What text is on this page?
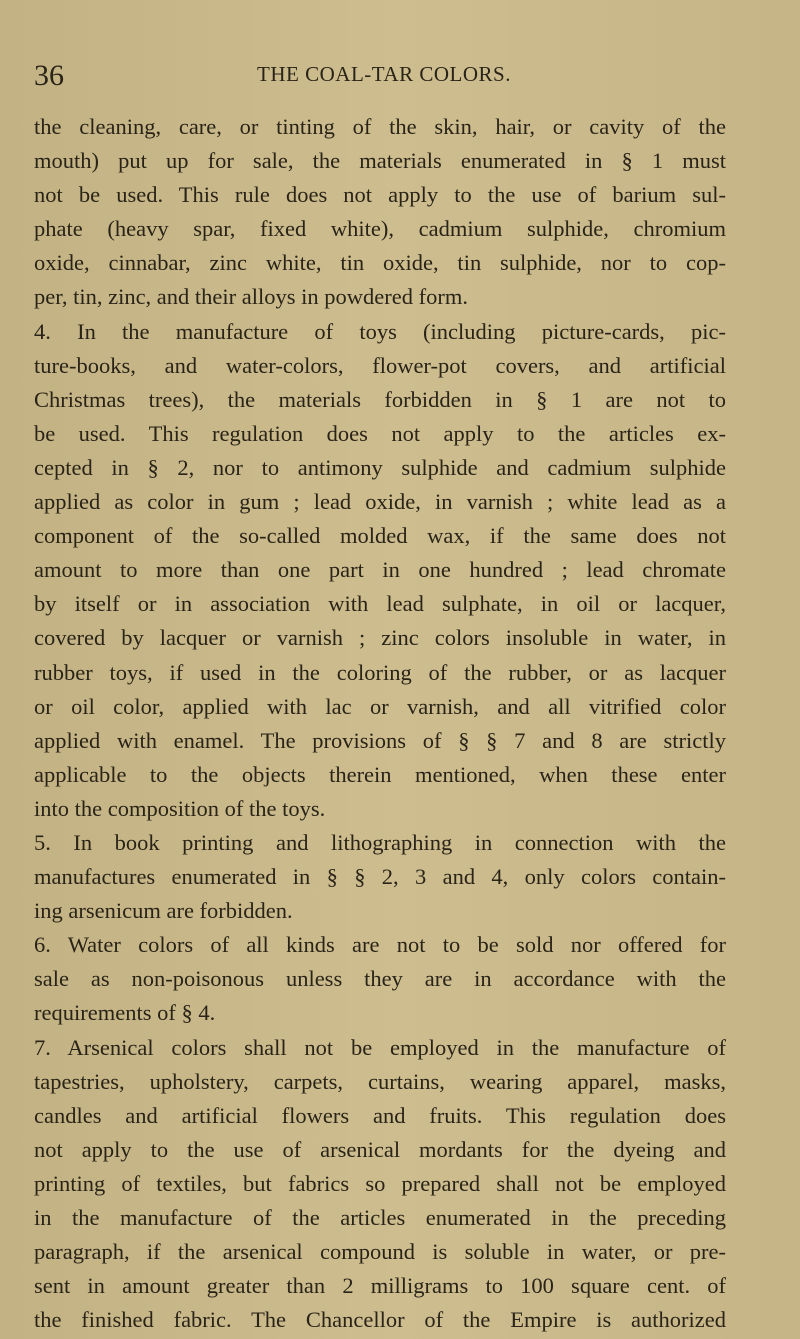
36	THE COAL-TAR COLORS.
the cleaning, care, or tinting of the skin, hair, or cavity of the
mouth) put up for sale, the materials enumerated in § 1 must
not be used. This rule does not apply to the use of barium sul-
phate (heavy spar, fixed white), cadmium sulphide, chromium
oxide, cinnabar, zinc white, tin oxide, tin sulphide, nor to cop-
per, tin, zinc, and their alloys in powdered form.
4. In the manufacture of toys (including picture-cards, pic-
ture-books, and water-colors, flower-pot covers, and artificial
Christmas trees), the materials forbidden in § 1 are not to
be used. This regulation does not apply to the articles ex-
cepted in § 2, nor to antimony sulphide and cadmium sulphide
applied as color in gum ; lead oxide, in varnish ; white lead as a
component of the so-called molded wax, if the same does not
amount to more than one part in one hundred ; lead chromate
by itself or in association with lead sulphate, in oil or lacquer,
covered by lacquer or varnish ; zinc colors insoluble in water, in
rubber toys, if used in the coloring of the rubber, or as lacquer
or oil color, applied with lac or varnish, and all vitrified color
applied with enamel. The provisions of § § 7 and 8 are strictly
applicable to the objects therein mentioned, when these enter
into the composition of the toys.
5. In book printing and lithographing in connection with the
manufactures enumerated in § § 2, 3 and 4, only colors contain-
ing arsenicum are forbidden.
6. Water colors of all kinds are not to be sold nor offered for
sale as non-poisonous unless they are in accordance with the
requirements of § 4.
7. Arsenical colors shall not be employed in the manufacture of
tapestries, upholstery, carpets, curtains, wearing apparel, masks,
candles and artificial flowers and fruits. This regulation does
not apply to the use of arsenical mordants for the dyeing and
printing of textiles, but fabrics so prepared shall not be employed
in the manufacture of the articles enumerated in the preceding
paragraph, if the arsenical compound is soluble in water, or pre-
sent in amount greater than 2 milligrams to 100 square cent. of
the finished fabric. The Chancellor of the Empire is authorized
